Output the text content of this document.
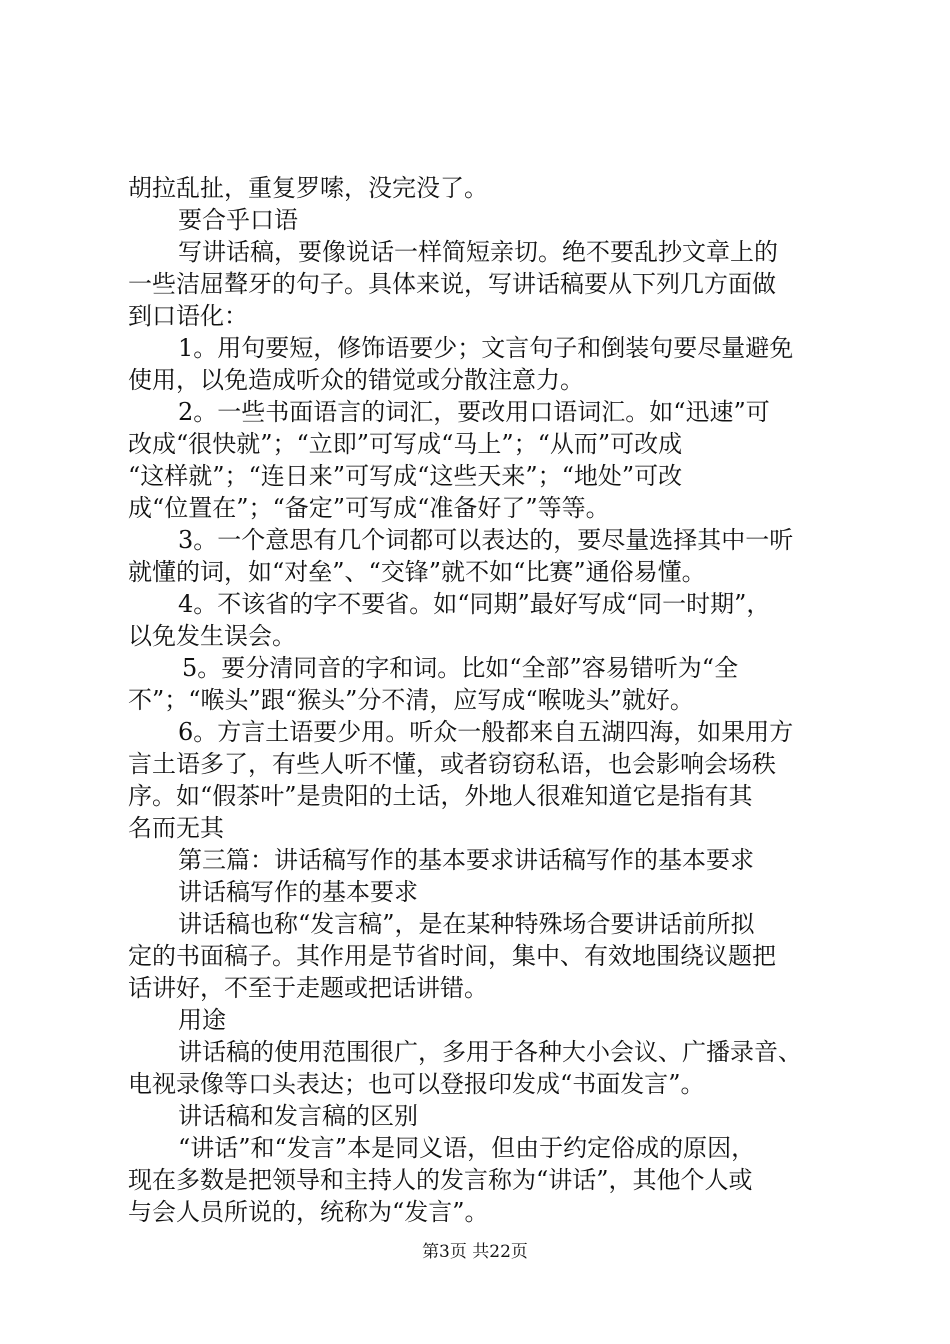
胡拉乱扯，重复罗嗦，没完没了。
要合乎口语
写讲话稿，要像说话一样简短亲切。绝不要乱抄文章上的
一些洁屈聱牙的句子。具体来说，写讲话稿要从下列几方面做
到口语化：
1。用句要短，修饰语要少；文言句子和倒装句要尽量避免
使用，以免造成听众的错觉或分散注意力。
2。一些书面语言的词汇，要改用口语词汇。如“迅速”可
改成“很快就”；“立即”可写成“马上”；“从而”可改成
“这样就”；“连日来”可写成“这些天来”；“地处”可改
成“位置在”；“备定”可写成“准备好了”等等。
3。一个意思有几个词都可以表达的，要尽量选择其中一听
就懂的词，如“对垒”、“交锋”就不如“比赛”通俗易懂。
4。不该省的字不要省。如“同期”最好写成“同一时期”，
以免发生误会。
5。要分清同音的字和词。比如“全部”容易错听为“全
不”；“喉头”跟“猴头”分不清，应写成“喉咙头”就好。
6。方言土语要少用。听众一般都来自五湖四海，如果用方
言土语多了，有些人听不懂，或者窃窃私语，也会影响会场秩
序。如“假茶叶”是贵阳的土话，外地人很难知道它是指有其
名而无其
第三篇：讲话稿写作的基本要求讲话稿写作的基本要求
讲话稿写作的基本要求
讲话稿也称“发言稿”，是在某种特殊场合要讲话前所拟
定的书面稿子。其作用是节省时间，集中、有效地围绕议题把
话讲好，不至于走题或把话讲错。
用途
讲话稿的使用范围很广，多用于各种大小会议、广播录音、
电视录像等口头表达；也可以登报印发成“书面发言”。
讲话稿和发言稿的区别
“讲话”和“发言”本是同义语，但由于约定俗成的原因，
现在多数是把领导和主持人的发言称为“讲话”，其他个人或
与会人员所说的，统称为“发言”。
第3页 共22页
